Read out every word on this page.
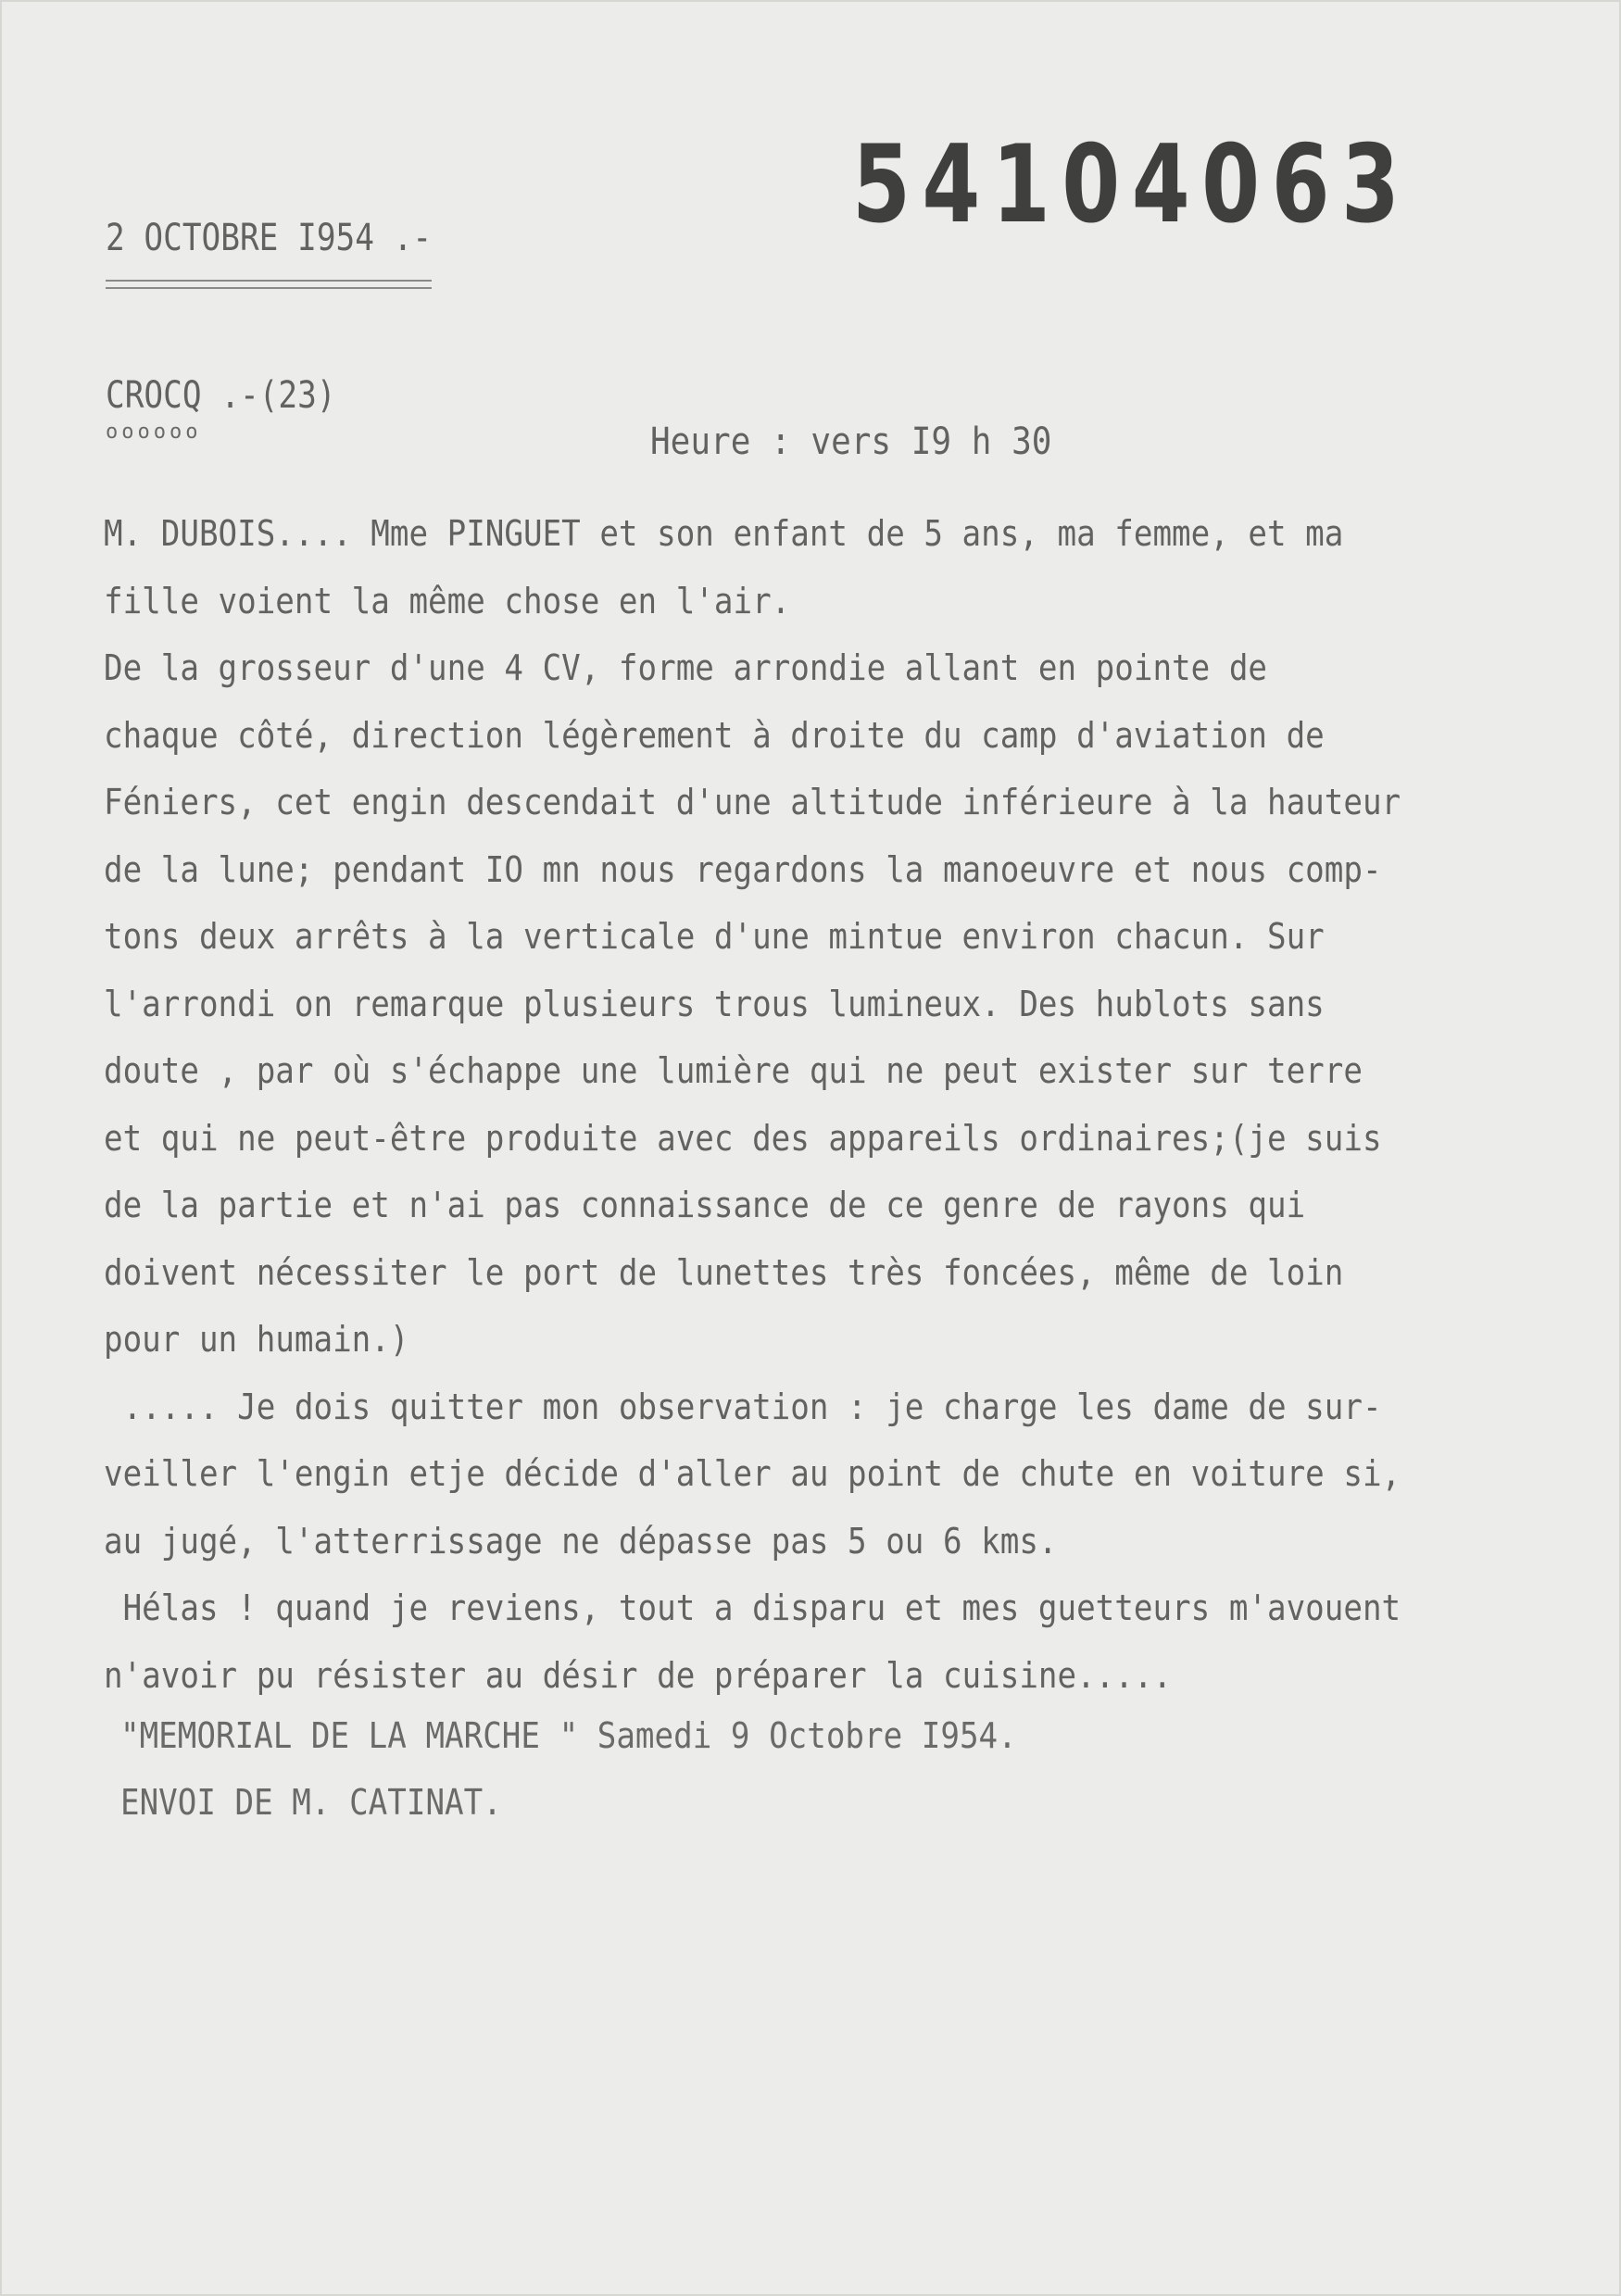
54104063
2 OCTOBRE I954 .-
CROCQ .-(23)
oooooo	Heure : vers I9 h 30
M. DUBOIS.... Mme PINGUET et son enfant de 5 ans, ma femme, et ma
fille voient la même chose en l'air.
De la grosseur d'une 4 CV, forme arrondie allant en pointe de
chaque côté, direction légèrement à droite du camp d'aviation de
Féniers, cet engin descendait d'une altitude inférieure à la hauteur
de la lune; pendant IO mn nous regardons la manoeuvre et nous comp-
tons deux arrêts à la verticale d'une mintue environ chacun. Sur
l'arrondi on remarque plusieurs trous lumineux. Des hublots sans
doute , par où s'échappe une lumière qui ne peut exister sur terre
et qui ne peut-être produite avec des appareils ordinaires;(je suis
de la partie et n'ai pas connaissance de ce genre de rayons qui
doivent nécessiter le port de lunettes très foncées, même de loin
pour un humain.)
..... Je dois quitter mon observation : je charge les dame de sur-
veiller l'engin etje décide d'aller au point de chute en voiture si,
au jugé, l'atterrissage ne dépasse pas 5 ou 6 kms.
Hélas ! quand je reviens, tout a disparu et mes guetteurs m'avouent
n'avoir pu résister au désir de préparer la cuisine.....
"MEMORIAL DE LA MARCHE " Samedi 9 Octobre I954.
ENVOI DE M. CATINAT.
